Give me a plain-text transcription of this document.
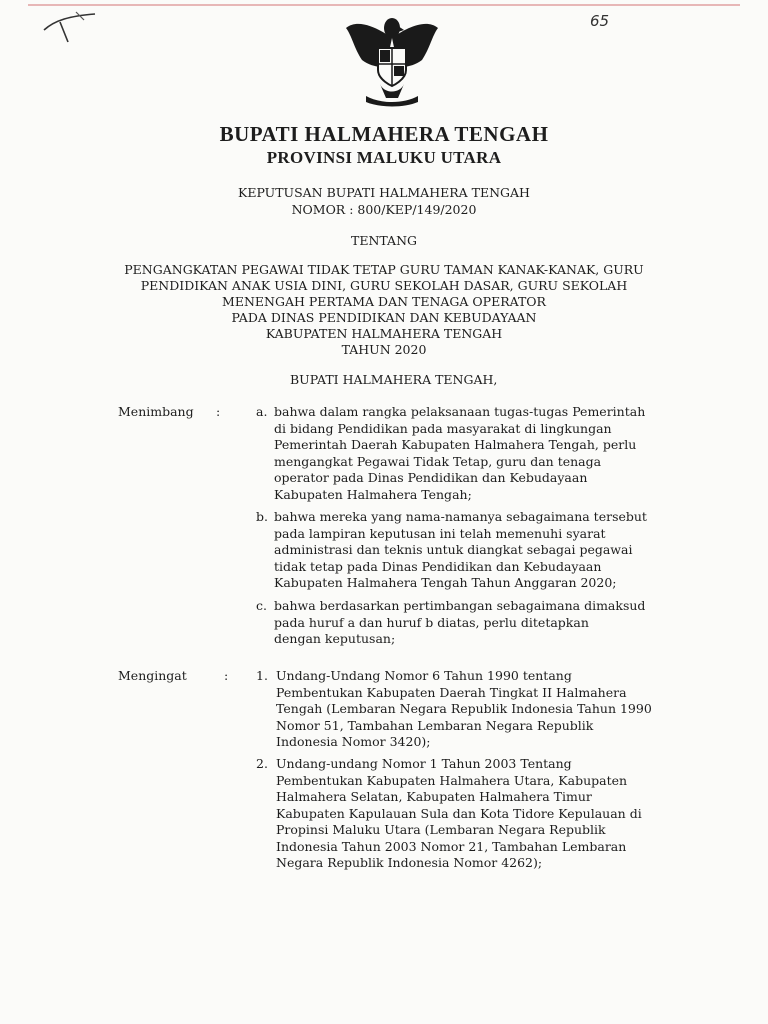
65
BUPATI HALMAHERA TENGAH
PROVINSI MALUKU UTARA
KEPUTUSAN BUPATI HALMAHERA TENGAH
NOMOR : 800/KEP/149/2020
TENTANG
PENGANGKATAN PEGAWAI TIDAK TETAP GURU TAMAN KANAK-KANAK, GURU
PENDIDIKAN ANAK USIA DINI, GURU SEKOLAH DASAR, GURU SEKOLAH
MENENGAH PERTAMA DAN TENAGA OPERATOR
PADA DINAS PENDIDIKAN DAN KEBUDAYAAN
KABUPATEN HALMAHERA TENGAH
TAHUN 2020
BUPATI HALMAHERA TENGAH,
Menimbang :	a. bahwa dalam rangka pelaksanaan tugas-tugas Pemerintah
di bidang Pendidikan pada masyarakat di lingkungan
Pemerintah Daerah Kabupaten Halmahera Tengah, perlu
mengangkat Pegawai Tidak Tetap, guru dan tenaga
operator pada Dinas Pendidikan dan Kebudayaan
Kabupaten Halmahera Tengah;
b. bahwa mereka yang nama-namanya sebagaimana tersebut
pada lampiran keputusan ini telah memenuhi syarat
administrasi dan teknis untuk diangkat sebagai pegawai
tidak tetap pada Dinas Pendidikan dan Kebudayaan
Kabupaten Halmahera Tengah Tahun Anggaran 2020;
c. bahwa berdasarkan pertimbangan sebagaimana dimaksud
pada huruf a dan huruf b diatas, perlu ditetapkan
dengan keputusan;
Mengingat	: 1. Undang-Undang Nomor 6 Tahun 1990 tentang
Pembentukan Kabupaten Daerah Tingkat II Halmahera
Tengah (Lembaran Negara Republik Indonesia Tahun 1990
Nomor 51, Tambahan Lembaran Negara Republik
Indonesia Nomor 3420);
2. Undang-undang Nomor 1 Tahun 2003 Tentang
Pembentukan Kabupaten Halmahera Utara, Kabupaten
Halmahera Selatan, Kabupaten Halmahera Timur
Kabupaten Kapulauan Sula dan Kota Tidore Kepulauan di
Propinsi Maluku Utara (Lembaran Negara Republik
Indonesia Tahun 2003 Nomor 21, Tambahan Lembaran
Negara Republik Indonesia Nomor 4262);
